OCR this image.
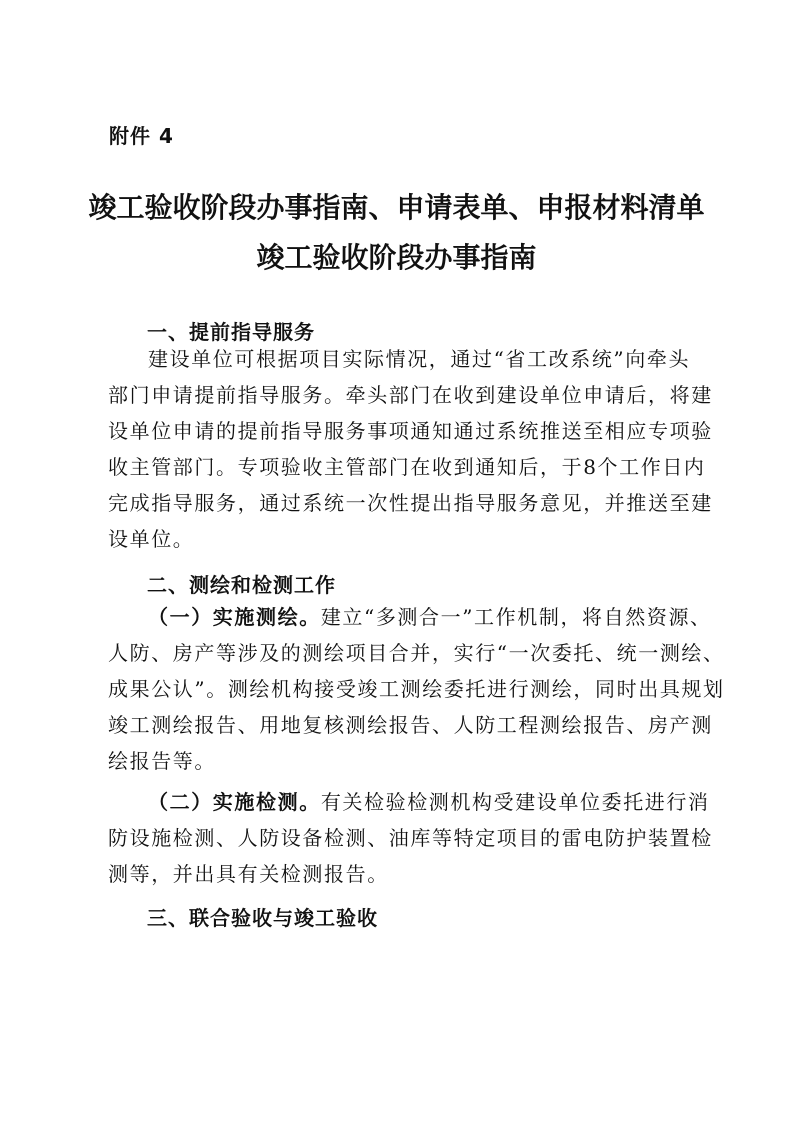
附件 4
竣工验收阶段办事指南、申请表单、申报材料清单
竣工验收阶段办事指南
一、提前指导服务
建设单位可根据项目实际情况，通过“省工改系统”向牵头
部门申请提前指导服务。牵头部门在收到建设单位申请后，将建
设单位申请的提前指导服务事项通知通过系统推送至相应专项验
收主管部门。专项验收主管部门在收到通知后，于8个工作日内
完成指导服务，通过系统一次性提出指导服务意见，并推送至建
设单位。
二、测绘和检测工作
（一）实施测绘。建立“多测合一”工作机制，将自然资源、
人防、房产等涉及的测绘项目合并，实行“一次委托、统一测绘、
成果公认”。测绘机构接受竣工测绘委托进行测绘，同时出具规划
竣工测绘报告、用地复核测绘报告、人防工程测绘报告、房产测
绘报告等。
（二）实施检测。有关检验检测机构受建设单位委托进行消
防设施检测、人防设备检测、油库等特定项目的雷电防护装置检
测等，并出具有关检测报告。
三、联合验收与竣工验收
